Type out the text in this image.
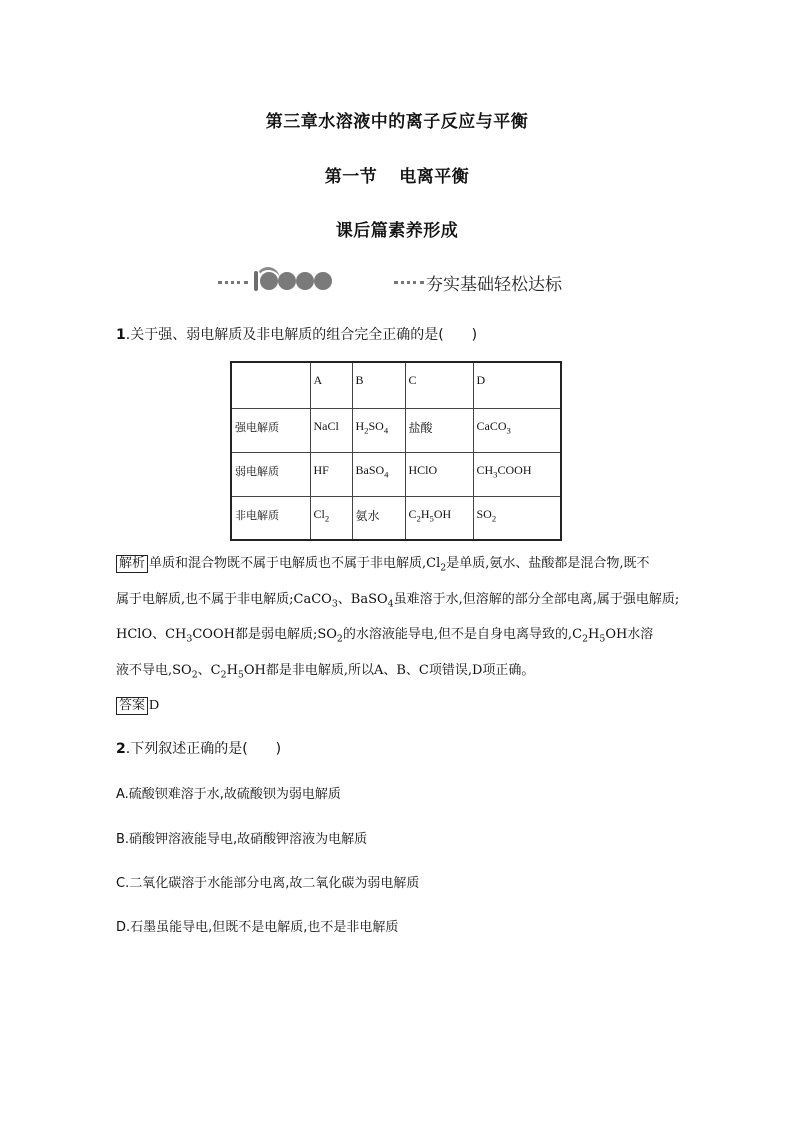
第三章水溶液中的离子反应与平衡
第一节 电离平衡
课后篇素养形成
夯实基础轻松达标
1.关于强、弱电解质及非电解质的组合完全正确的是(　　)
	A	B	C	D
强电解质	NaCl	$H_2SO_4$	盐酸	CaCO$_3$
弱电解质	HF	BaSO$_4$	HClO	$CH_3COOH$
非电解质	$Cl_2$	氨水	$C_2H_5OH$	$SO_2$
解析 单质和混合物既不属于电解质也不属于非电解质$,Cl_2$是单质,氨水、盐酸都是混合物,既不
属于电解质,也不属于非电解质;CaCO$_3$、BaSO$_4$虽难溶于水,但溶解的部分全部电离,属于强电解质;
HClO、$CH_3COOH$都是弱电解质$;SO_2$的水溶液能导电,但不是自身电离导致的$,C_2H_5OH$水溶
液不导电$,SO_2$、$C_2H_5OH$都是非电解质,所以A、B、C项错误,D项正确。
答案 D
2.下列叙述正确的是(　　)
A.硫酸钡难溶于水,故硫酸钡为弱电解质
B.硝酸钾溶液能导电,故硝酸钾溶液为电解质
C.二氧化碳溶于水能部分电离,故二氧化碳为弱电解质
D.石墨虽能导电,但既不是电解质,也不是非电解质
